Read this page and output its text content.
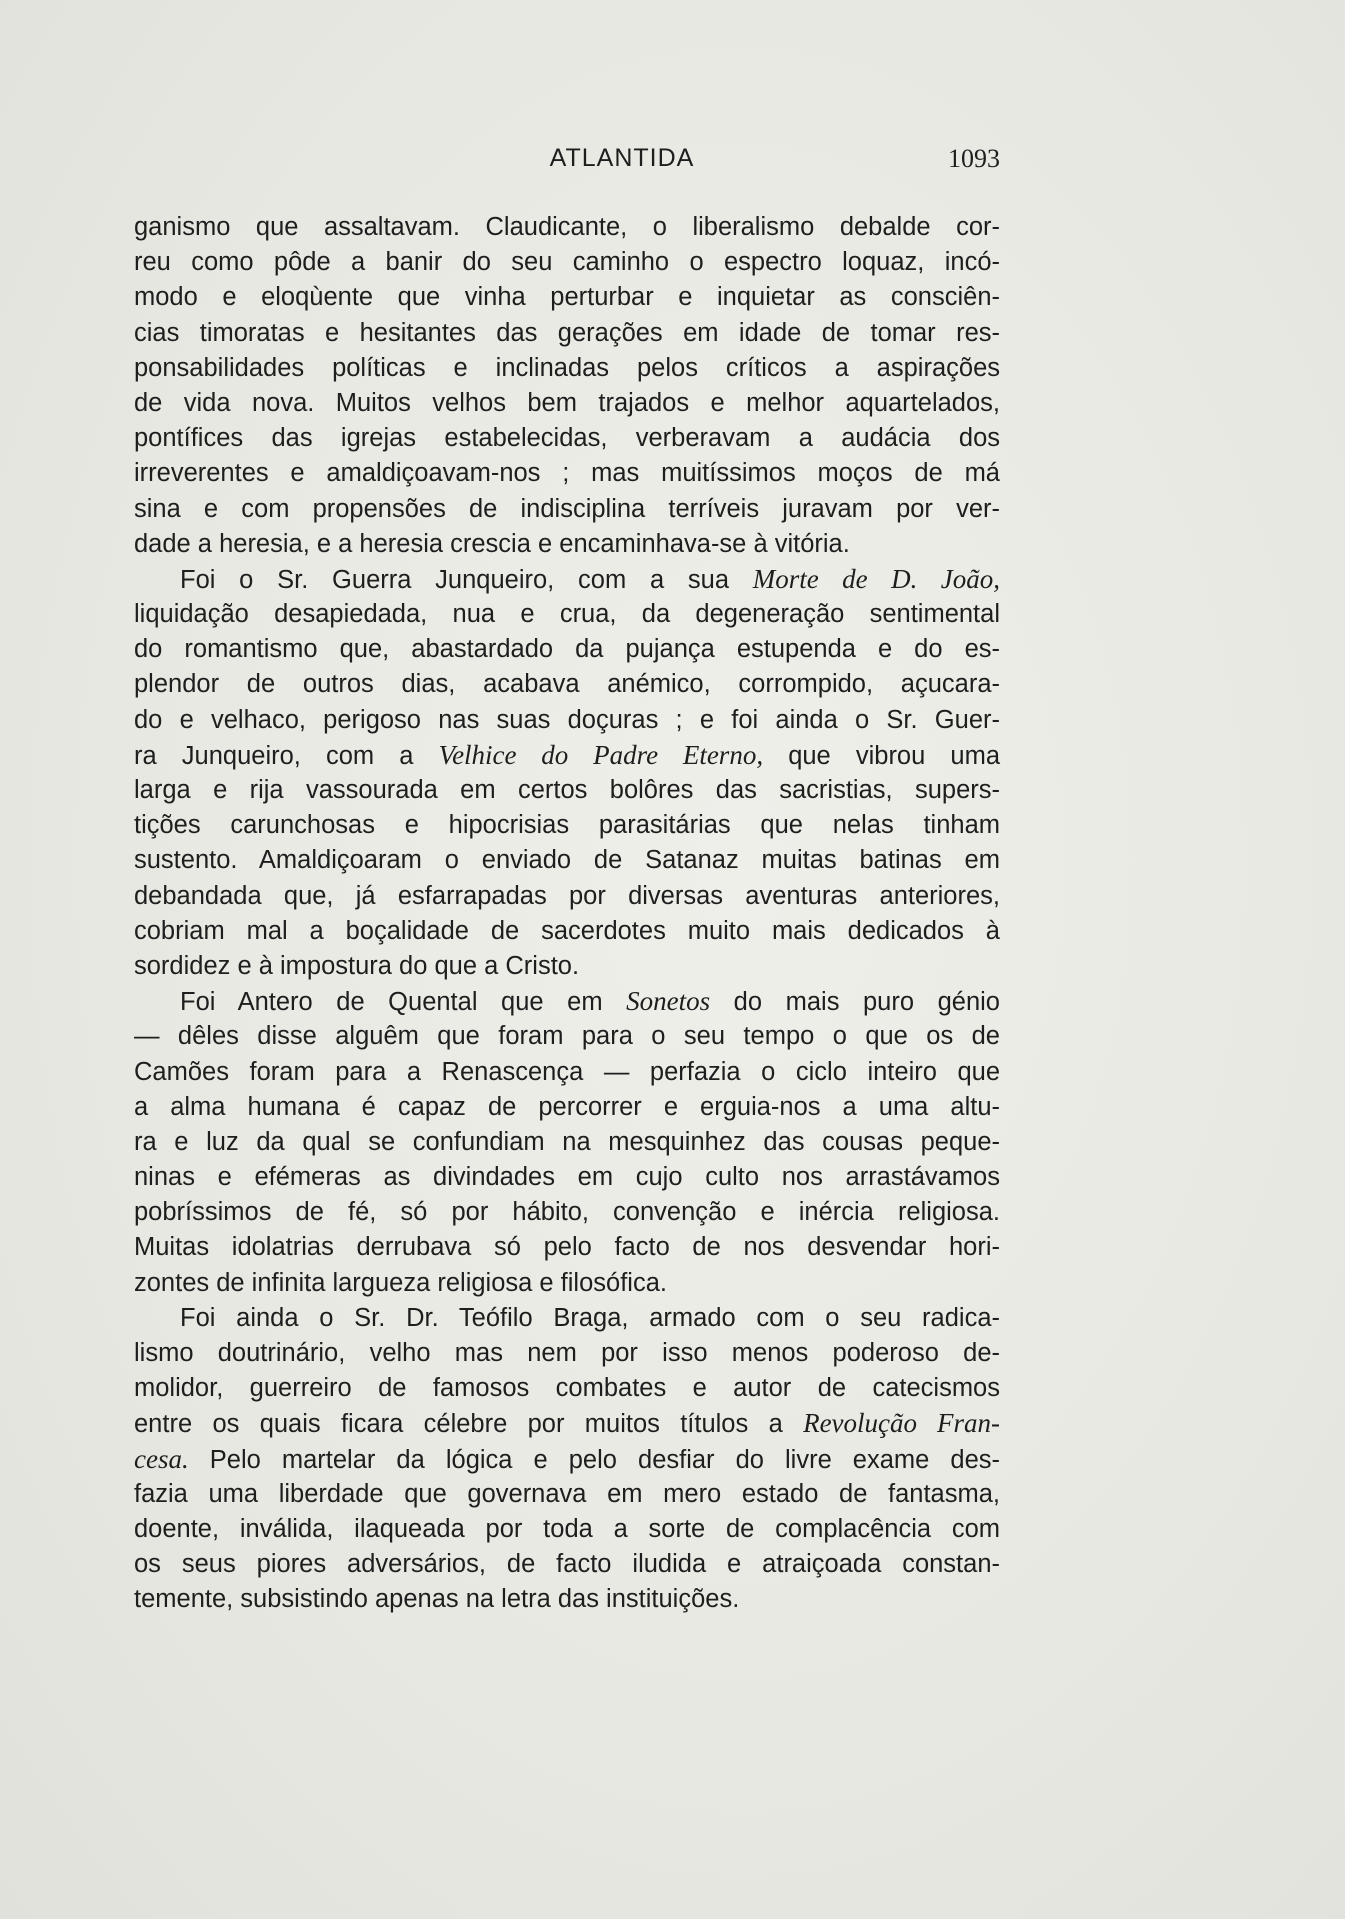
ATLANTIDA	1093
ganismo que assaltavam. Claudicante, o liberalismo debalde cor-
reu como pôde a banir do seu caminho o espectro loquaz, incó-
modo e eloqùente que vinha perturbar e inquietar as consciên-
cias timoratas e hesitantes das gerações em idade de tomar res-
ponsabilidades políticas e inclinadas pelos críticos a aspirações
de vida nova. Muitos velhos bem trajados e melhor aquartelados,
pontífices das igrejas estabelecidas, verberavam a audácia dos
irreverentes e amaldiçoavam-nos ; mas muitíssimos moços de má
sina e com propensões de indisciplina terríveis juravam por ver-
dade a heresia, e a heresia crescia e encaminhava-se à vitória.
Foi o Sr. Guerra Junqueiro, com a sua Morte de D. João,
liquidação desapiedada, nua e crua, da degeneração sentimental
do romantismo que, abastardado da pujança estupenda e do es-
plendor de outros dias, acabava anémico, corrompido, açucara-
do e velhaco, perigoso nas suas doçuras ; e foi ainda o Sr. Guer-
ra Junqueiro, com a Velhice do Padre Eterno, que vibrou uma
larga e rija vassourada em certos bolôres das sacristias, supers-
tições carunchosas e hipocrisias parasitárias que nelas tinham
sustento. Amaldiçoaram o enviado de Satanaz muitas batinas em
debandada que, já esfarrapadas por diversas aventuras anteriores,
cobriam mal a boçalidade de sacerdotes muito mais dedicados à
sordidez e à impostura do que a Cristo.
Foi Antero de Quental que em Sonetos do mais puro génio
— dêles disse alguêm que foram para o seu tempo o que os de
Camões foram para a Renascença — perfazia o ciclo inteiro que
a alma humana é capaz de percorrer e erguia-nos a uma altu-
ra e luz da qual se confundiam na mesquinhez das cousas peque-
ninas e efémeras as divindades em cujo culto nos arrastávamos
pobríssimos de fé, só por hábito, convenção e inércia religiosa.
Muitas idolatrias derrubava só pelo facto de nos desvendar hori-
zontes de infinita largueza religiosa e filosófica.
Foi ainda o Sr. Dr. Teófilo Braga, armado com o seu radica-
lismo doutrinário, velho mas nem por isso menos poderoso de-
molidor, guerreiro de famosos combates e autor de catecismos
entre os quais ficara célebre por muitos títulos a Revolução Fran-
cesa. Pelo martelar da lógica e pelo desfiar do livre exame des-
fazia uma liberdade que governava em mero estado de fantasma,
doente, inválida, ilaqueada por toda a sorte de complacência com
os seus piores adversários, de facto iludida e atraiçoada constan-
temente, subsistindo apenas na letra das instituições.
